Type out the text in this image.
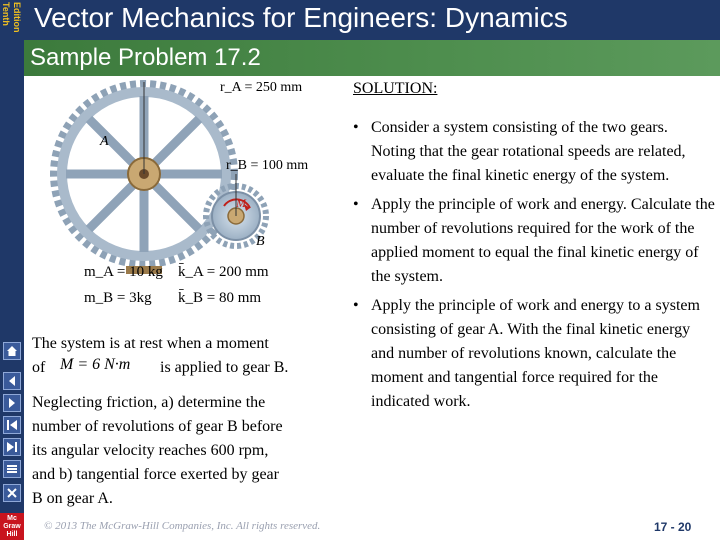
Tenth Edition
Mc
Graw
Hill
Vector Mechanics for Engineers: Dynamics
Sample Problem 17.2
r_A = 250 mm
r_B = 100 mm
A
B
M
m_A = 10 kg k̄_A = 200 mm
m_B = 3kg k̄_B = 80 mm
The system is at rest when a moment
of M = 6 N·m is applied to gear B.
Neglecting friction, a) determine the
number of revolutions of gear B before
its angular velocity reaches 600 rpm,
and b) tangential force exerted by gear
B on gear A.
SOLUTION:
• Consider a system consisting of the two gears. Noting that the gear rotational speeds are related, evaluate the final kinetic energy of the system.
• Apply the principle of work and energy. Calculate the number of revolutions required for the work of the applied moment to equal the final kinetic energy of the system.
• Apply the principle of work and energy to a system consisting of gear A. With the final kinetic energy and number of revolutions known, calculate the moment and tangential force required for the indicated work.
© 2013 The McGraw-Hill Companies, Inc. All rights reserved.	17 - 20
